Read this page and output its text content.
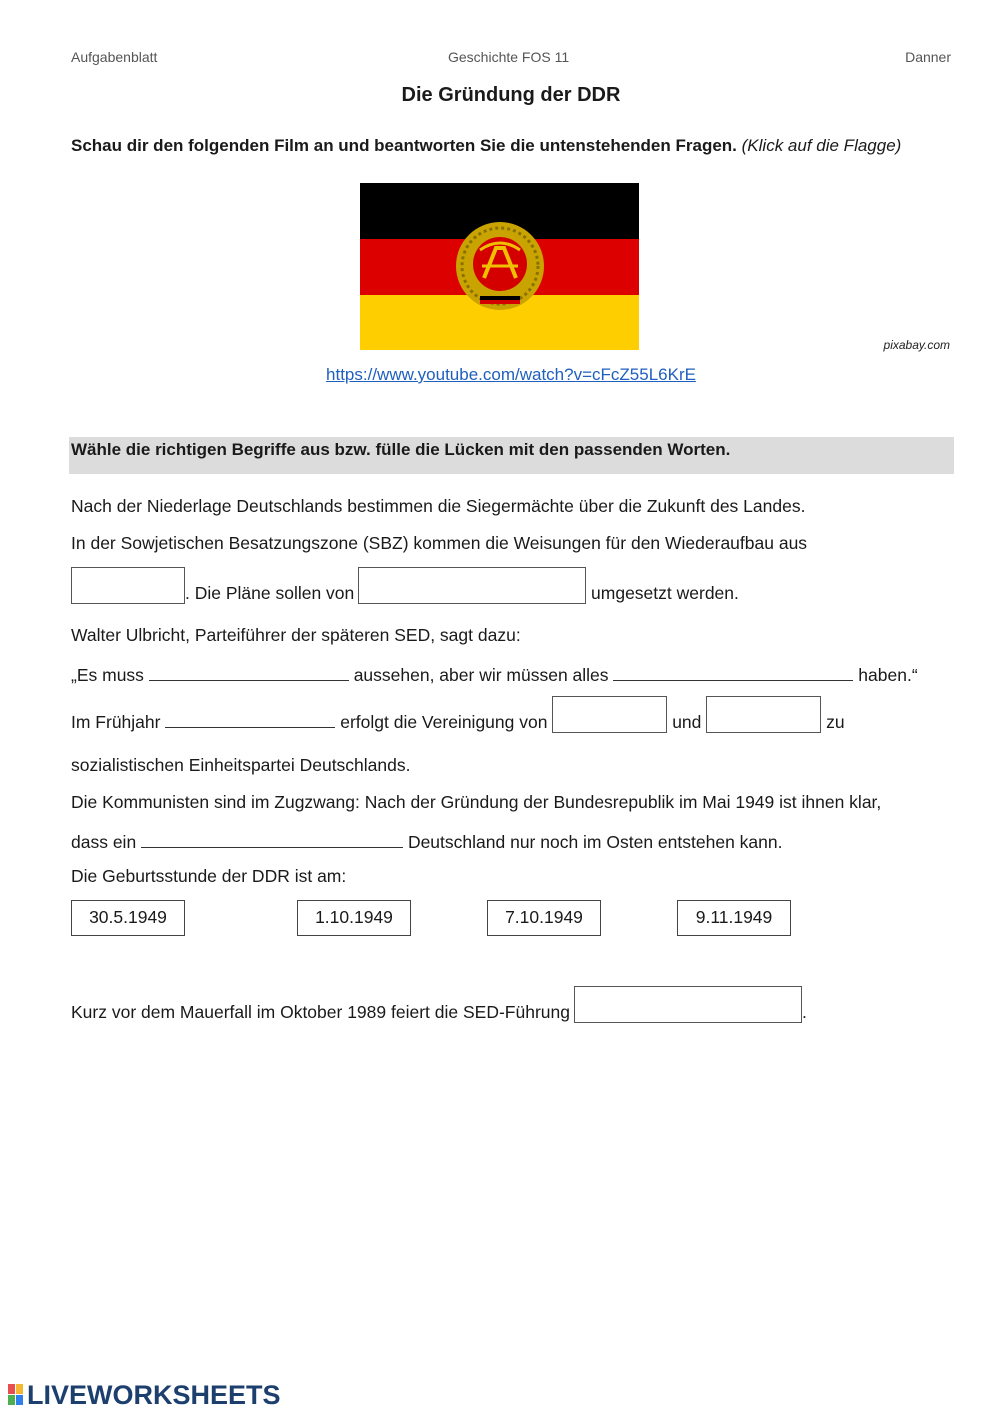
Aufgabenblatt	Geschichte FOS 11	Danner
Die Gründung der DDR
Schau dir den folgenden Film an und beantworten Sie die untenstehenden Fragen. (Klick auf die Flagge)
pixabay.com
https://www.youtube.com/watch?v=cFcZ55L6KrE
Wähle die richtigen Begriffe aus bzw. fülle die Lücken mit den passenden Worten.
Nach der Niederlage Deutschlands bestimmen die Siegermächte über die Zukunft des Landes.
In der Sowjetischen Besatzungszone (SBZ) kommen die Weisungen für den Wiederaufbau aus
. Die Pläne sollen von	umgesetzt werden.
Walter Ulbricht, Parteiführer der späteren SED, sagt dazu:
„Es muss	aussehen, aber wir müssen alles	haben.“
Im Frühjahr	erfolgt die Vereinigung von	und	zu
sozialistischen Einheitspartei Deutschlands.
Die Kommunisten sind im Zugzwang: Nach der Gründung der Bundesrepublik im Mai 1949 ist ihnen klar,
dass ein	Deutschland nur noch im Osten entstehen kann.
Die Geburtsstunde der DDR ist am:
30.5.1949	1.10.1949	7.10.1949	9.11.1949
Kurz vor dem Mauerfall im Oktober 1989 feiert die SED-Führung	.
LIVEWORKSHEETS
